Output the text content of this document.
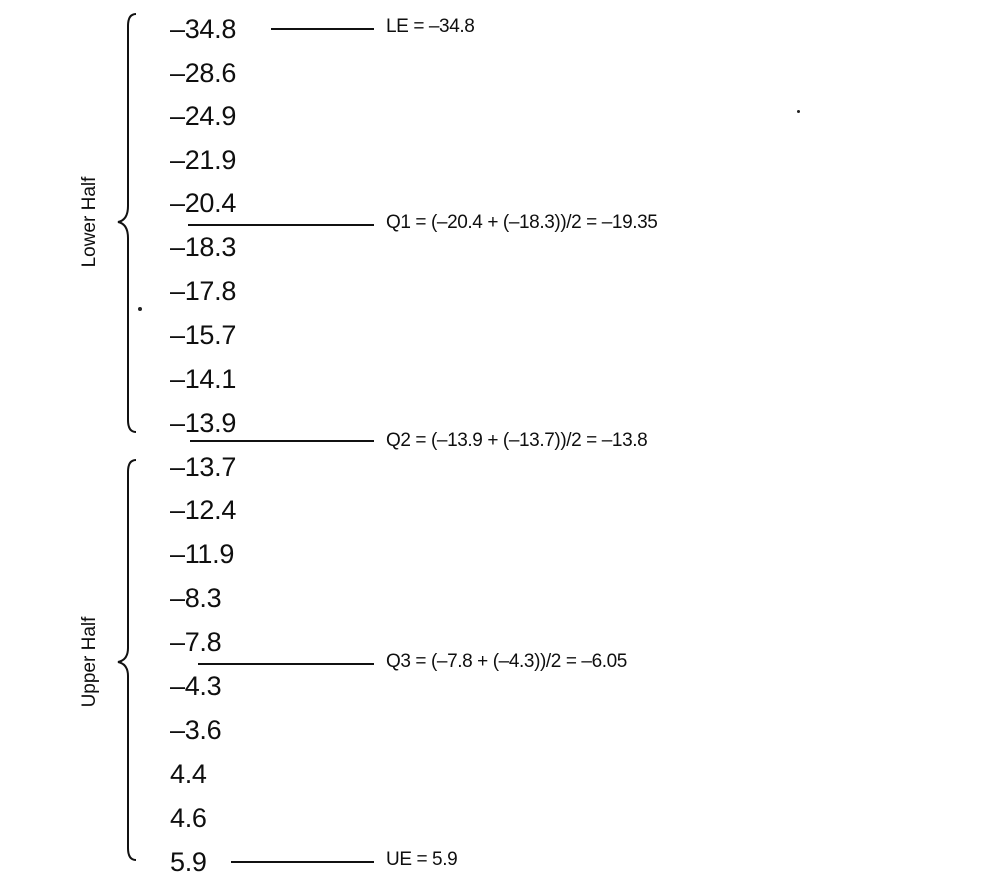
Lower Half
Upper Half
–34.8
–28.6
–24.9
–21.9
–20.4
–18.3
–17.8
–15.7
–14.1
–13.9
–13.7
–12.4
–11.9
–8.3
–7.8
–4.3
–3.6
4.4
4.6
5.9
LE = –34.8
Q1 = (–20.4 + (–18.3))/2 = –19.35
Q2 = (–13.9 + (–13.7))/2 = –13.8
Q3 = (–7.8 + (–4.3))/2 = –6.05
UE = 5.9
